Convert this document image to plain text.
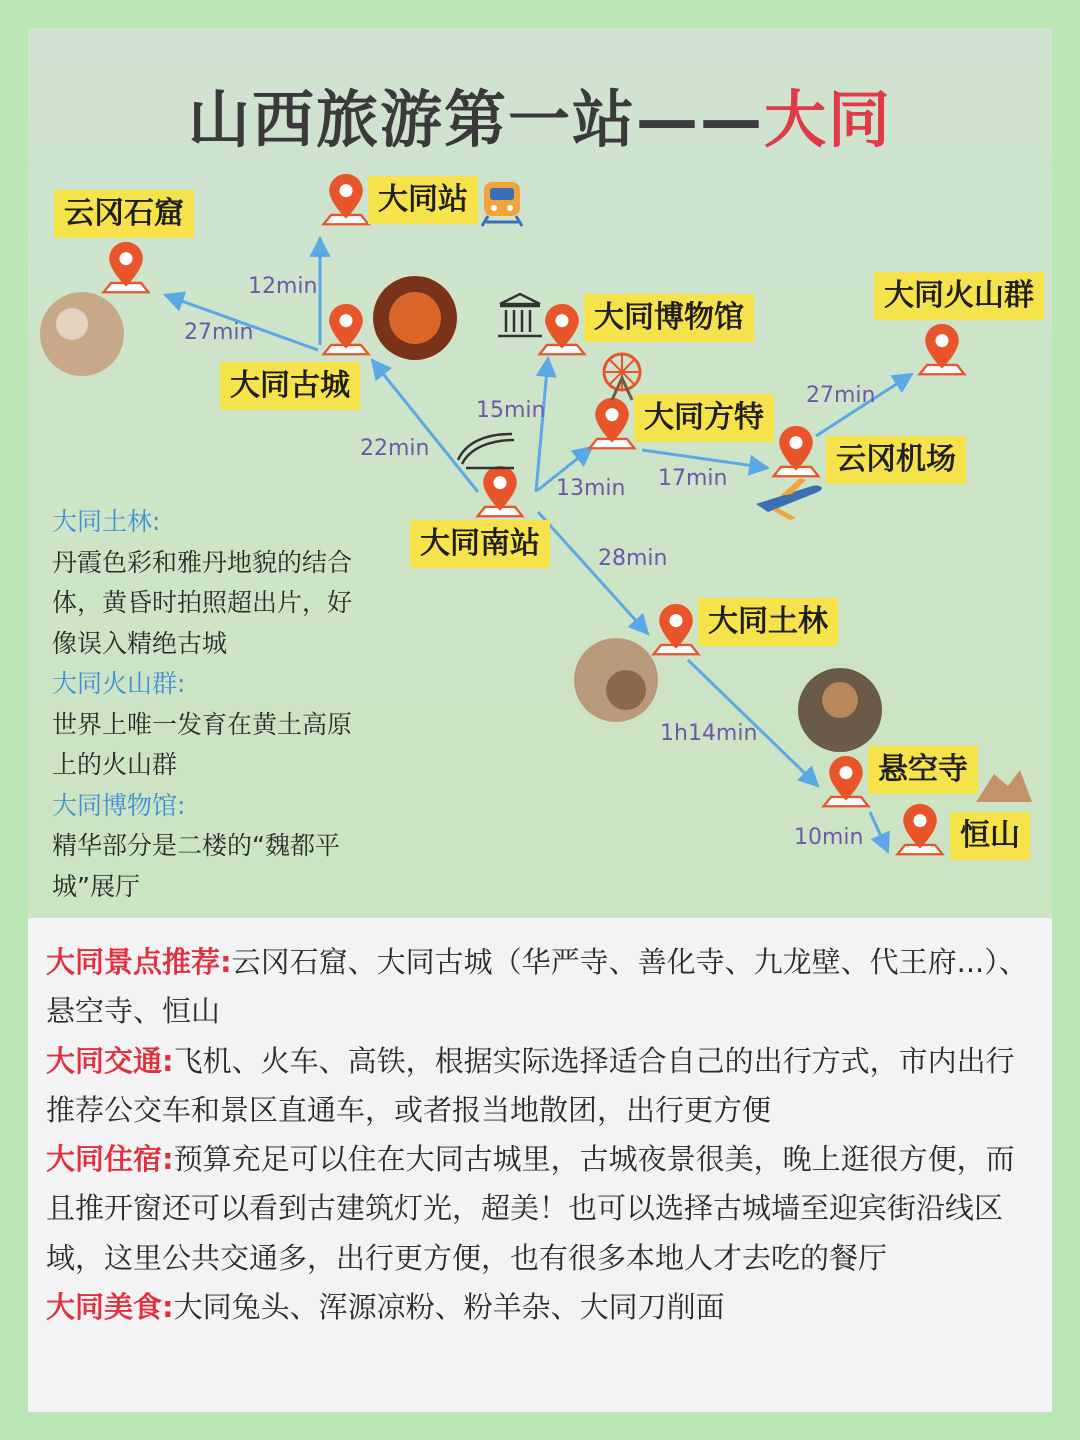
山西旅游第一站——大同
云冈石窟	大同站
大同古城
大同博物馆
大同火山群
大同方特
云冈机场
大同南站
大同土林
悬空寺
恒山
12min
27min
22min
15min
13min 17min
27min
28min
1h14min
10min
大同土林:
丹霞色彩和雅丹地貌的结合
体，黄昏时拍照超出片，好
像误入精绝古城
大同火山群:
世界上唯一发育在黄土高原
上的火山群
大同博物馆:
精华部分是二楼的“魏都平
城”展厅
大同景点推荐:云冈石窟、大同古城（华严寺、善化寺、九龙壁、代王府...）、悬空寺、恒山
大同交通:飞机、火车、高铁，根据实际选择适合自己的出行方式，市内出行推荐公交车和景区直通车，或者报当地散团，出行更方便
大同住宿:预算充足可以住在大同古城里，古城夜景很美，晚上逛很方便，而且推开窗还可以看到古建筑灯光，超美！也可以选择古城墙至迎宾街沿线区域，这里公共交通多，出行更方便，也有很多本地人才去吃的餐厅
大同美食:大同兔头、浑源凉粉、粉羊杂、大同刀削面
